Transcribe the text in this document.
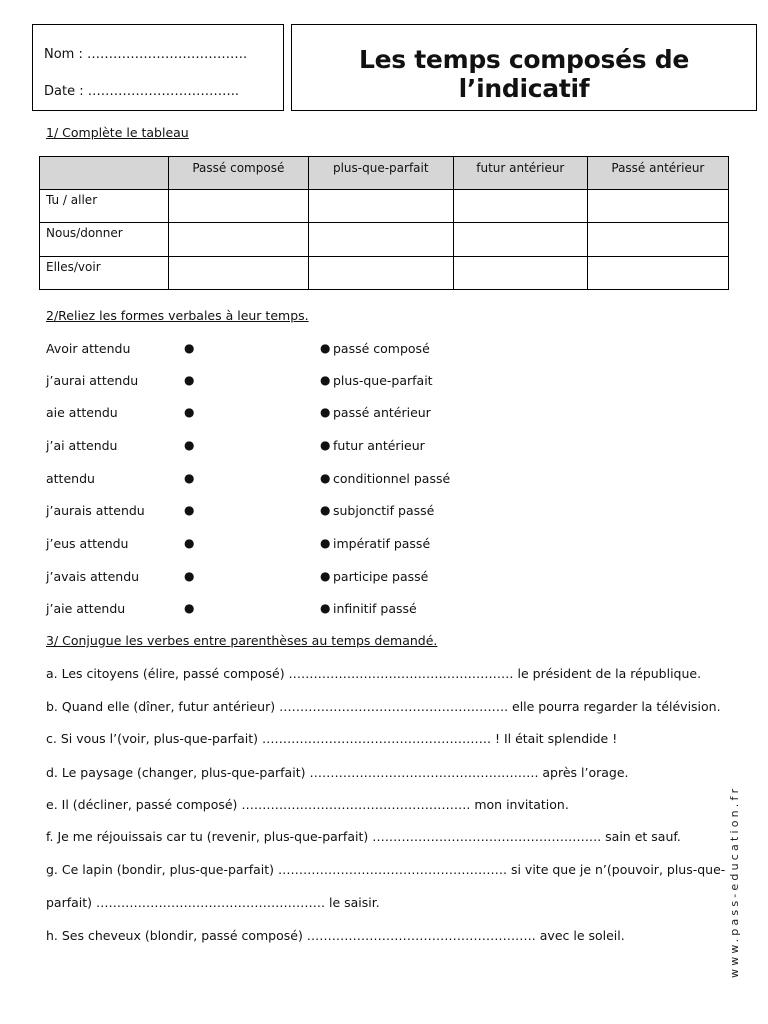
Nom : ……………………………….
Date : ……………………………..
Les temps composés de l’indicatif
1/ Complète le tableau
	Passé composé	plus-que-parfait	futur antérieur	Passé antérieur
Tu / aller				
Nous/donner				
Elles/voir				
2/Reliez les formes verbales à leur temps.
Avoir attendu	●	● passé composé
j’aurai attendu	●	● plus-que-parfait
aie attendu	●	● passé antérieur
j’ai attendu	●	● futur antérieur
attendu	●	● conditionnel passé
j’aurais attendu	●	● subjonctif passé
j’eus attendu	●	● impératif passé
j’avais attendu	●	● participe passé
j’aie attendu	●	● infinitif passé
3/ Conjugue les verbes entre parenthèses au temps demandé.
a. Les citoyens (élire, passé composé) ……………………………………………… le président de la république.
b. Quand elle (dîner, futur antérieur) ………………………………………………. elle pourra regarder la télévision.
c. Si vous l’(voir, plus-que-parfait) ………………………………………………. ! Il était splendide !
d. Le paysage (changer, plus-que-parfait) ………………………………………………. après l’orage.
e. Il (décliner, passé composé) ………………………………………………. mon invitation.
f. Je me réjouissais car tu (revenir, plus-que-parfait) ………………………………………………. sain et sauf.
g. Ce lapin (bondir, plus-que-parfait) ………………………………………………. si vite que je n’(pouvoir, plus-que-
parfait) ………………………………………………. le saisir.
h. Ses cheveux (blondir, passé composé) ………………………………………………. avec le soleil.	www.pass-education.fr
